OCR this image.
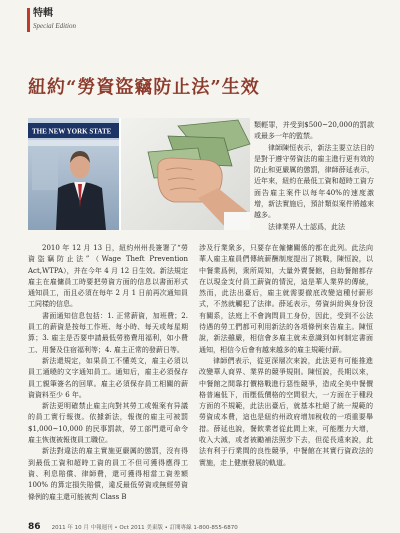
特輯
Special Edition
紐約“勞資盜竊防止法”生效
THE NEW YORK STATE

類輕罪，并受到$500~20,000的罰款或最多一年的監禁。

律師陳恒表示，新法主要立法目的是對于遵守勞資法的雇主進行更有效的防止和更嚴厲的懲罰，律師薛延表示，近年來，紐約在最低工資和超時工資方面告雇主案件以每年40%的速度激增，新法實施后，預計類似案件將越來越多。

法律業界人士認爲，此法

2010 年 12 月 13 日，紐約州州長簽署了“勞資盜竊防止法”（Wage Theft Prevention Act,WTPA），并在今年 4 月 12 日生效。新法規定雇主在雇傭員工時要把勞資方面的信息以書面形式通知員工，而且必須在每年 2 月 1 日前再次通知員工同樣的信息。

書面通知信息包括：1. 正常薪資，加班費；2. 員工的薪資是按每工作班、每小時、每天或每星期算；3. 雇主是否要申請最低勞務費用福利，如小費工、用餐及住宿福利等；4. 雇主正常的發薪日等。

新法還規定，如果員工不懂英文，雇主必須以員工通曉的文字通知員工。通知后，雇主必須保存員工親筆簽名的回單。雇主必須保存員工相關的薪資資料至少 6 年。

新法更明確禁止雇主向對其勞工或報案有异議的員工實行報復。依據新法，報復的雇主可被罰 $1,000~10,000 的民事罰款，勞工部門還可命令雇主恢復被報復員工職位。

新法對違法的雇主實施更嚴厲的懲罰，沒有得到最低工資和超時工資的員工不但可獲得應得工資、利息賠償、律師費，還可獲得相當工資差額 100% 的算定損失賠償，違反最低勞資或無經勞資條例的雇主還可能被判 Class B

涉及行業衆多，只要存在僱傭關係的都在此列。此法向華人雇主雇員們傳統薪酬制度提出了挑戰，陳恒說，以中餐業爲例，衆所周知，大量外賣餐館，自助餐館都存在以現金支付員工薪資的情況，這是華人業界的傳統，然而，此法出臺后，雇主就需要徹底改變這種付薪形式，不然就觸犯了法律。薛延表示，勞資糾紛與身份沒有關系，法庭上不會詢問員工身份，因此，受到不公法待遇的勞工們都可利用新法的各項條例來告雇主。陳恒說，新法雖嚴，相信會多雇主就未意識到如何制定書面通知，相信今后會有越來越多的雇主規範付薪。

律師們表示，從更深層次來說，此法更有可能推進改變華人商界、業界的競爭規則。陳恒說，長期以來，中餐館之間靠打價格戰進行惡性競爭，造成全美中餐價格普遍低下，而壓低價格的空間很大，一方面在于種段方面的不規範，此法出臺后，就基本杜絕了統一規範的勞資成本費，這也是紐約州政府增加稅收的一項重要舉措。薛延也說，餐飲業者從此間上來，可能壓力大增，收入大減，或者被勵補法照步下去，但從長遠來說，此法有利于行業間的良性競爭，中餐館在其實行資政法的實施，走上健康發展的軌道。

86 2011 年 10 月 中報週刊 • Oct 2011 美東版 • 訂閱專線 1-800-855-6870
